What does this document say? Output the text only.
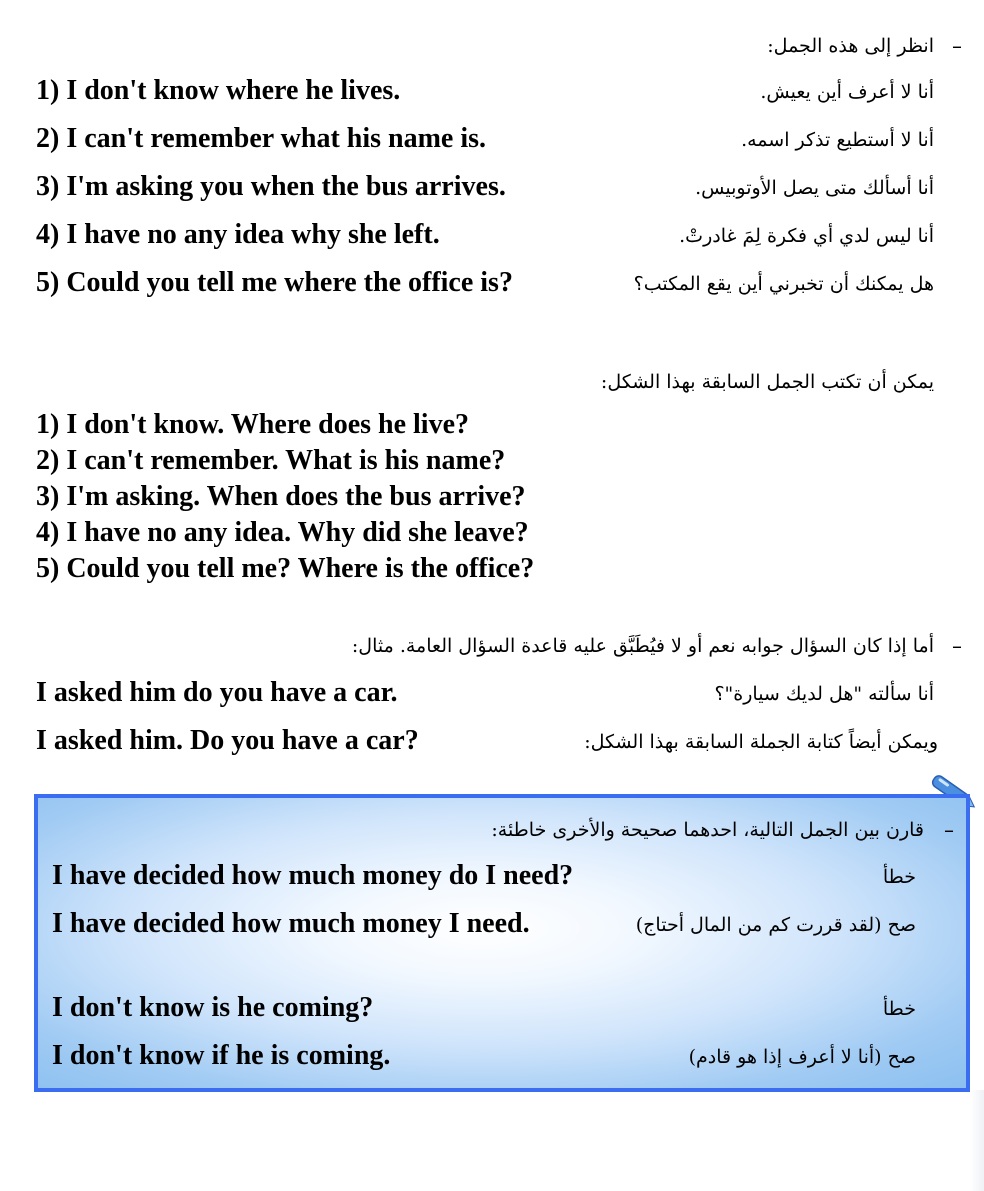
–
انظر إلى هذه الجمل:
1) I don't know where he lives.	أنا لا أعرف أين يعيش.
2) I can't remember what his name is.	أنا لا أستطيع تذكر اسمه.
3) I'm asking you when the bus arrives.	أنا أسألك متى يصل الأوتوبيس.
4) I have no any idea why she left.	أنا ليس لدي أي فكرة لِمَ غادرتْ.
5) Could you tell me where the office is?	هل يمكنك أن تخبرني أين يقع المكتب؟
يمكن أن تكتب الجمل السابقة بهذا الشكل:
1) I don't know. Where does he live?
2) I can't remember. What is his name?
3) I'm asking. When does the bus arrive?
4) I have no any idea. Why did she leave?
5) Could you tell me? Where is the office?
–
أما إذا كان السؤال جوابه نعم أو لا فيُطَبَّق عليه قاعدة السؤال العامة. مثال:
I asked him do you have a car.	أنا سألته "هل لديك سيارة"؟
I asked him. Do you have a car?	ويمكن أيضاً كتابة الجملة السابقة بهذا الشكل:
–
قارن بين الجمل التالية، احدهما صحيحة والأخرى خاطئة:
I have decided how much money do I need?	خطأ
I have decided how much money I need.	صح (لقد قررت كم من المال أحتاج)
I don't know is he coming?	خطأ
I don't know if he is coming.	صح (أنا لا أعرف إذا هو قادم)
